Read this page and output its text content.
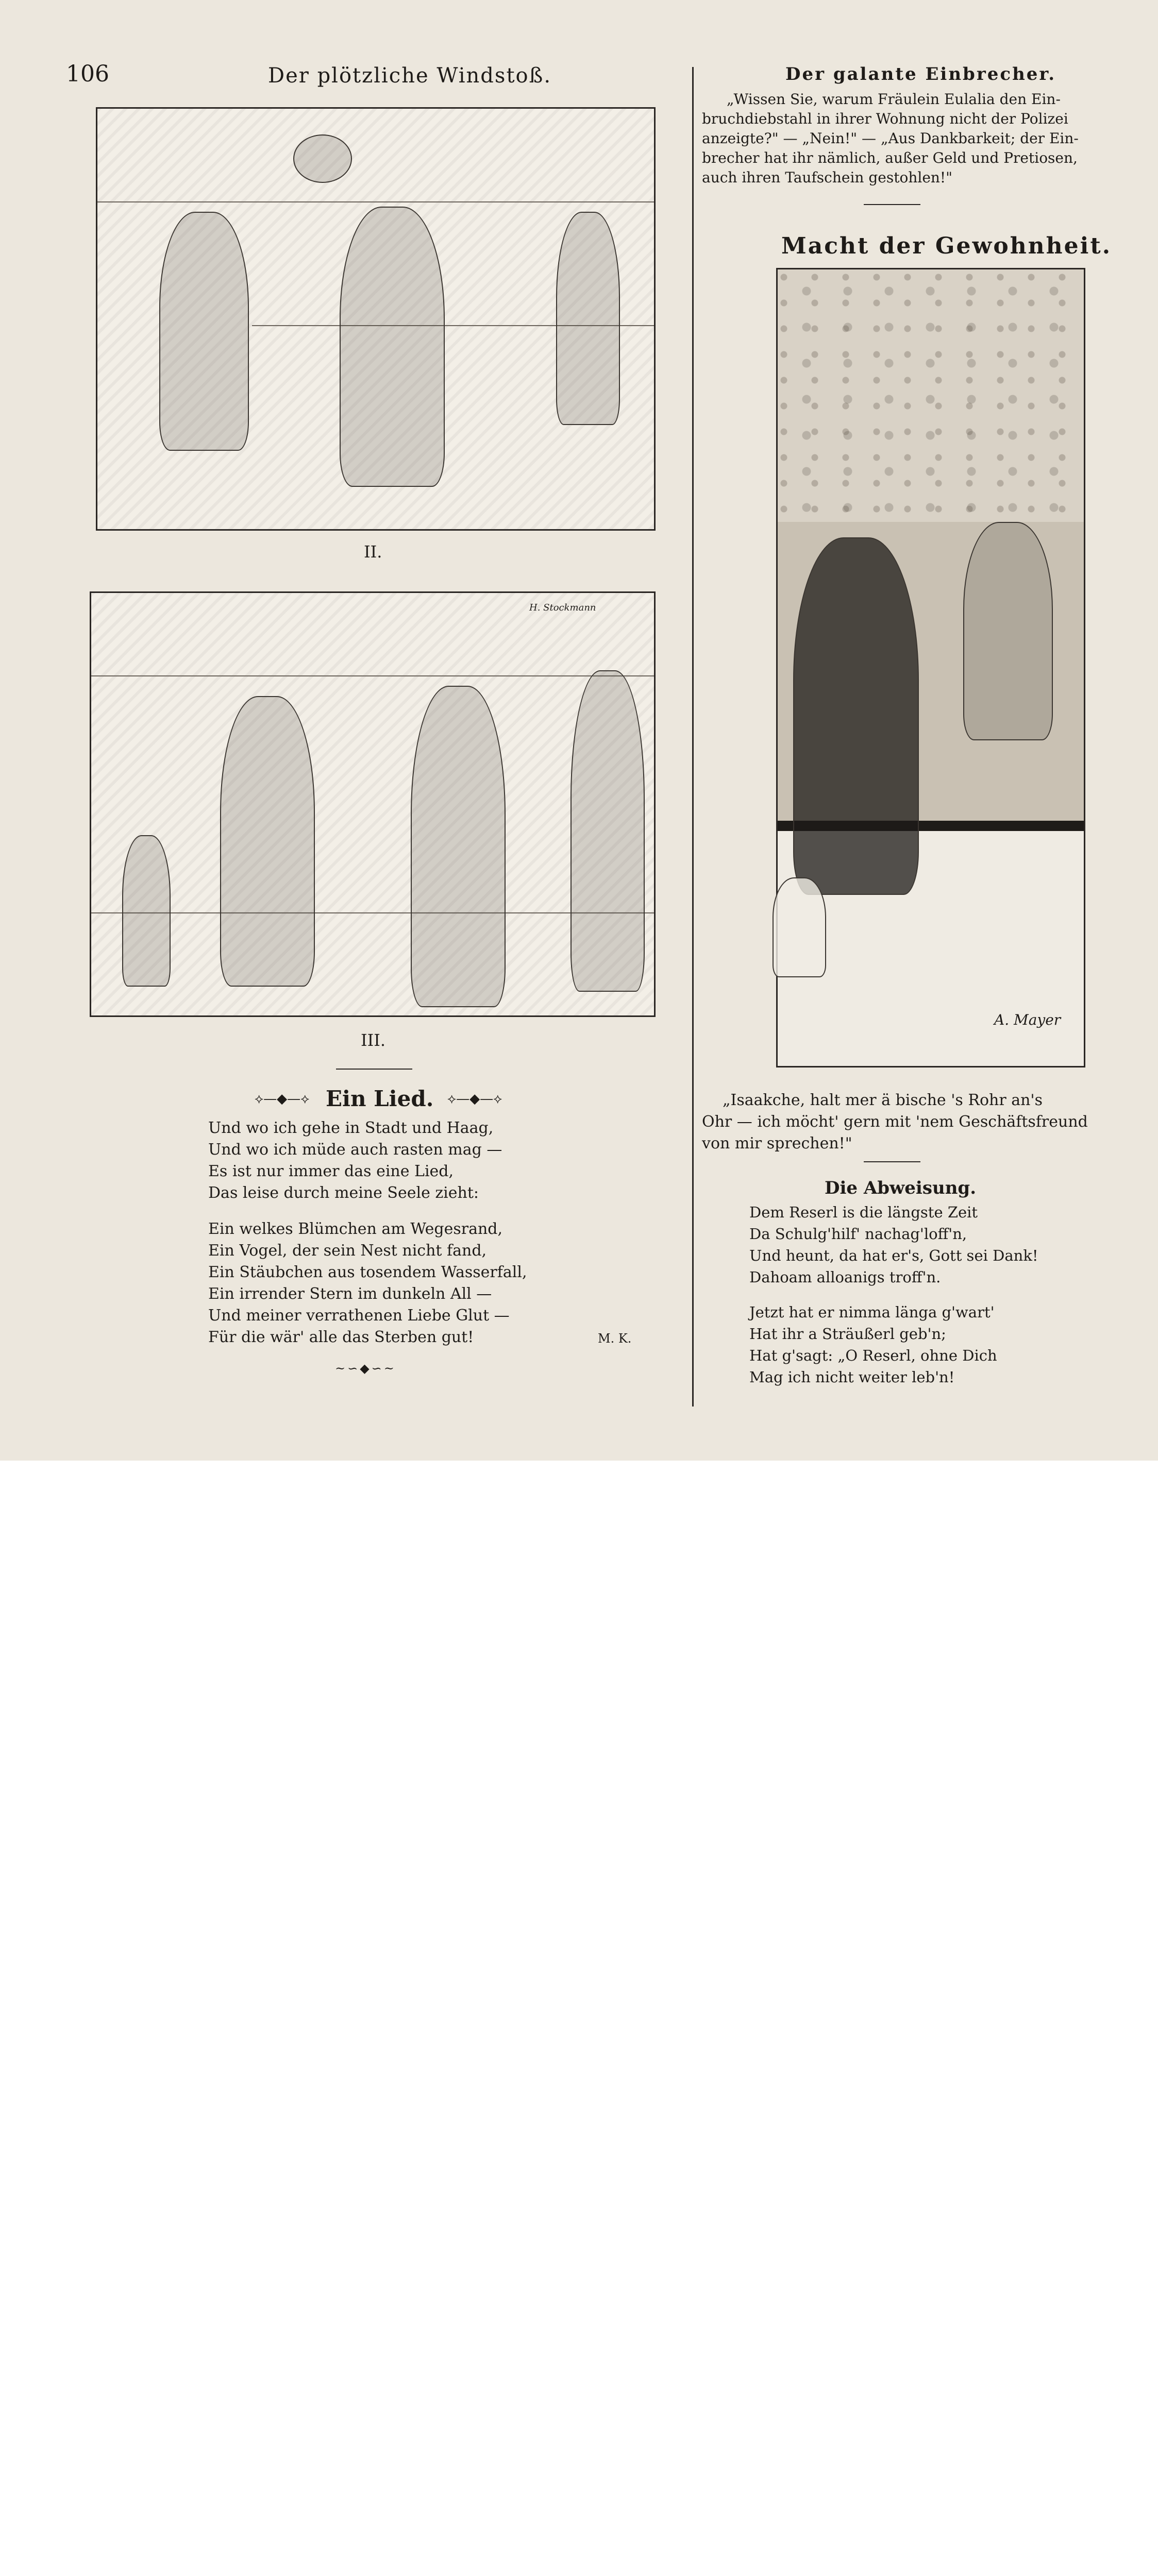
106	Der plötzliche Windstoß.
II.
H. Stockmann
III.
⟡—◆—⟡ Ein Lied. ⟡—◆—⟡
Und wo ich gehe in Stadt und Haag,
Und wo ich müde auch rasten mag —
Es ist nur immer das eine Lied,
Das leise durch meine Seele zieht:
Ein welkes Blümchen am Wegesrand,
Ein Vogel, der sein Nest nicht fand,
Ein Stäubchen aus tosendem Wasserfall,
Ein irrender Stern im dunkeln All —
Und meiner verrathenen Liebe Glut —
Für die wär' alle das Sterben gut!	M. K.
~∽◆∽~
Der galante Einbrecher.
„Wissen Sie, warum Fräulein Eulalia den Ein-
bruchdiebstahl in ihrer Wohnung nicht der Polizei
anzeigte?" — „Nein!" — „Aus Dankbarkeit; der Ein-
brecher hat ihr nämlich, außer Geld und Pretiosen,
auch ihren Taufschein gestohlen!"
Macht der Gewohnheit.
A. Mayer
„Isaakche, halt mer ä bische 's Rohr an's
Ohr — ich möcht' gern mit 'nem Geschäftsfreund
von mir sprechen!"
Die Abweisung.
Dem Reserl is die längste Zeit
Da Schulg'hilf' nachag'loff'n,
Und heunt, da hat er's, Gott sei Dank!
Dahoam alloanigs troff'n.
Jetzt hat er nimma länga g'wart'
Hat ihr a Sträußerl geb'n;
Hat g'sagt: „O Reserl, ohne Dich
Mag ich nicht weiter leb'n!
